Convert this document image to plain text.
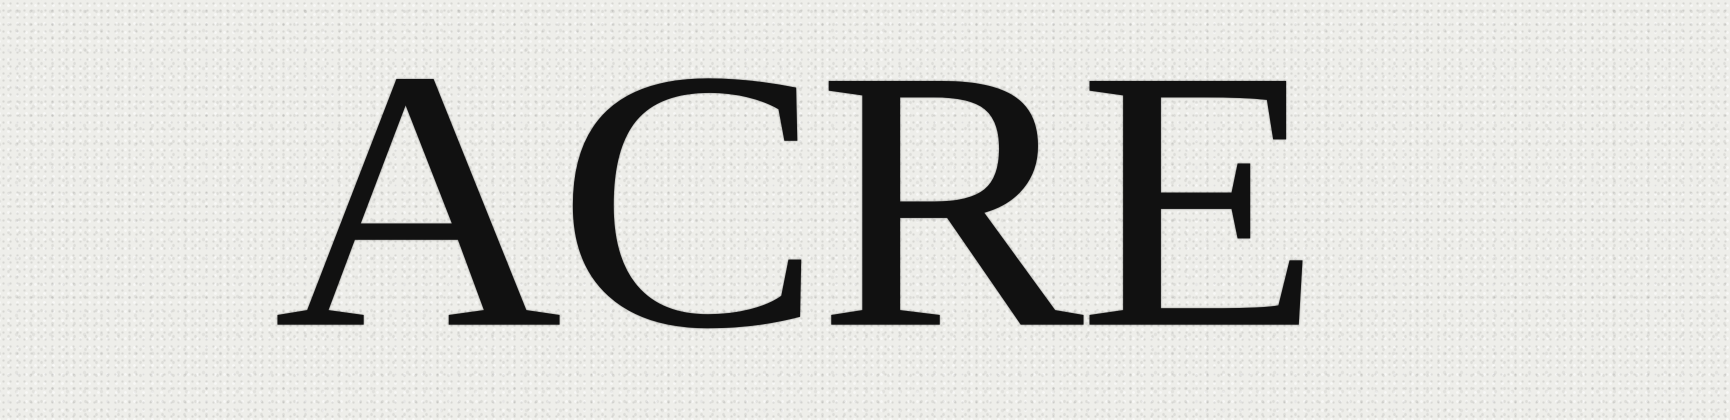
ACRE
